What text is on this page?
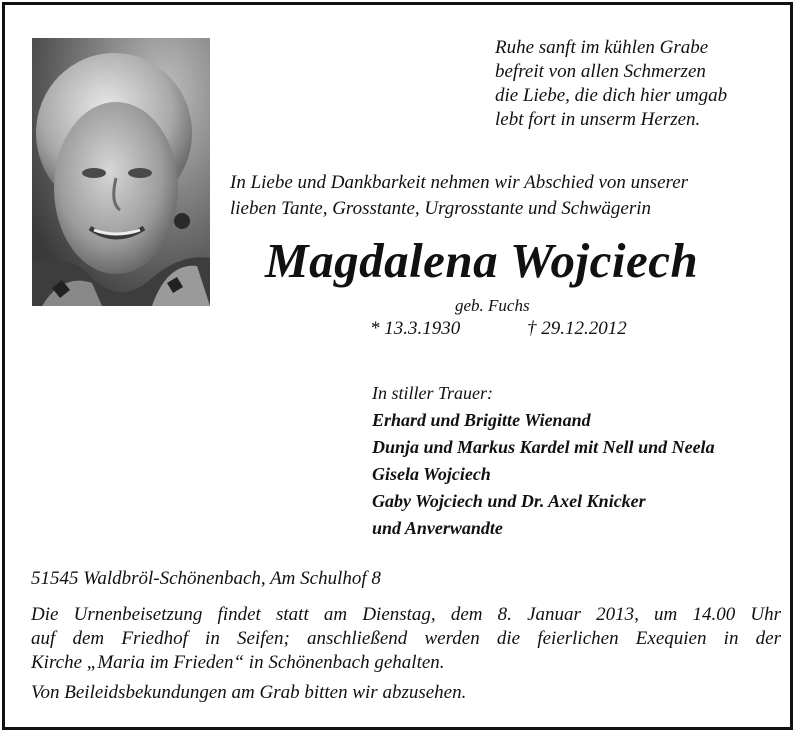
Ruhe sanft im kühlen Grabe
befreit von allen Schmerzen
die Liebe, die dich hier umgab
lebt fort in unserm Herzen.
In Liebe und Dankbarkeit nehmen wir Abschied von unserer
lieben Tante, Grosstante, Urgrosstante und Schwägerin
Magdalena Wojciech
geb. Fuchs
* 13.3.1930	† 29.12.2012
In stiller Trauer:
Erhard und Brigitte Wienand
Dunja und Markus Kardel mit Nell und Neela
Gisela Wojciech
Gaby Wojciech und Dr. Axel Knicker
und Anverwandte
51545 Waldbröl-Schönenbach, Am Schulhof 8
Die Urnenbeisetzung findet statt am Dienstag, dem 8. Januar 2013, um 14.00 Uhr
auf dem Friedhof in Seifen; anschließend werden die feierlichen Exequien in der
Kirche „Maria im Frieden“ in Schönenbach gehalten.
Von Beileidsbekundungen am Grab bitten wir abzusehen.
